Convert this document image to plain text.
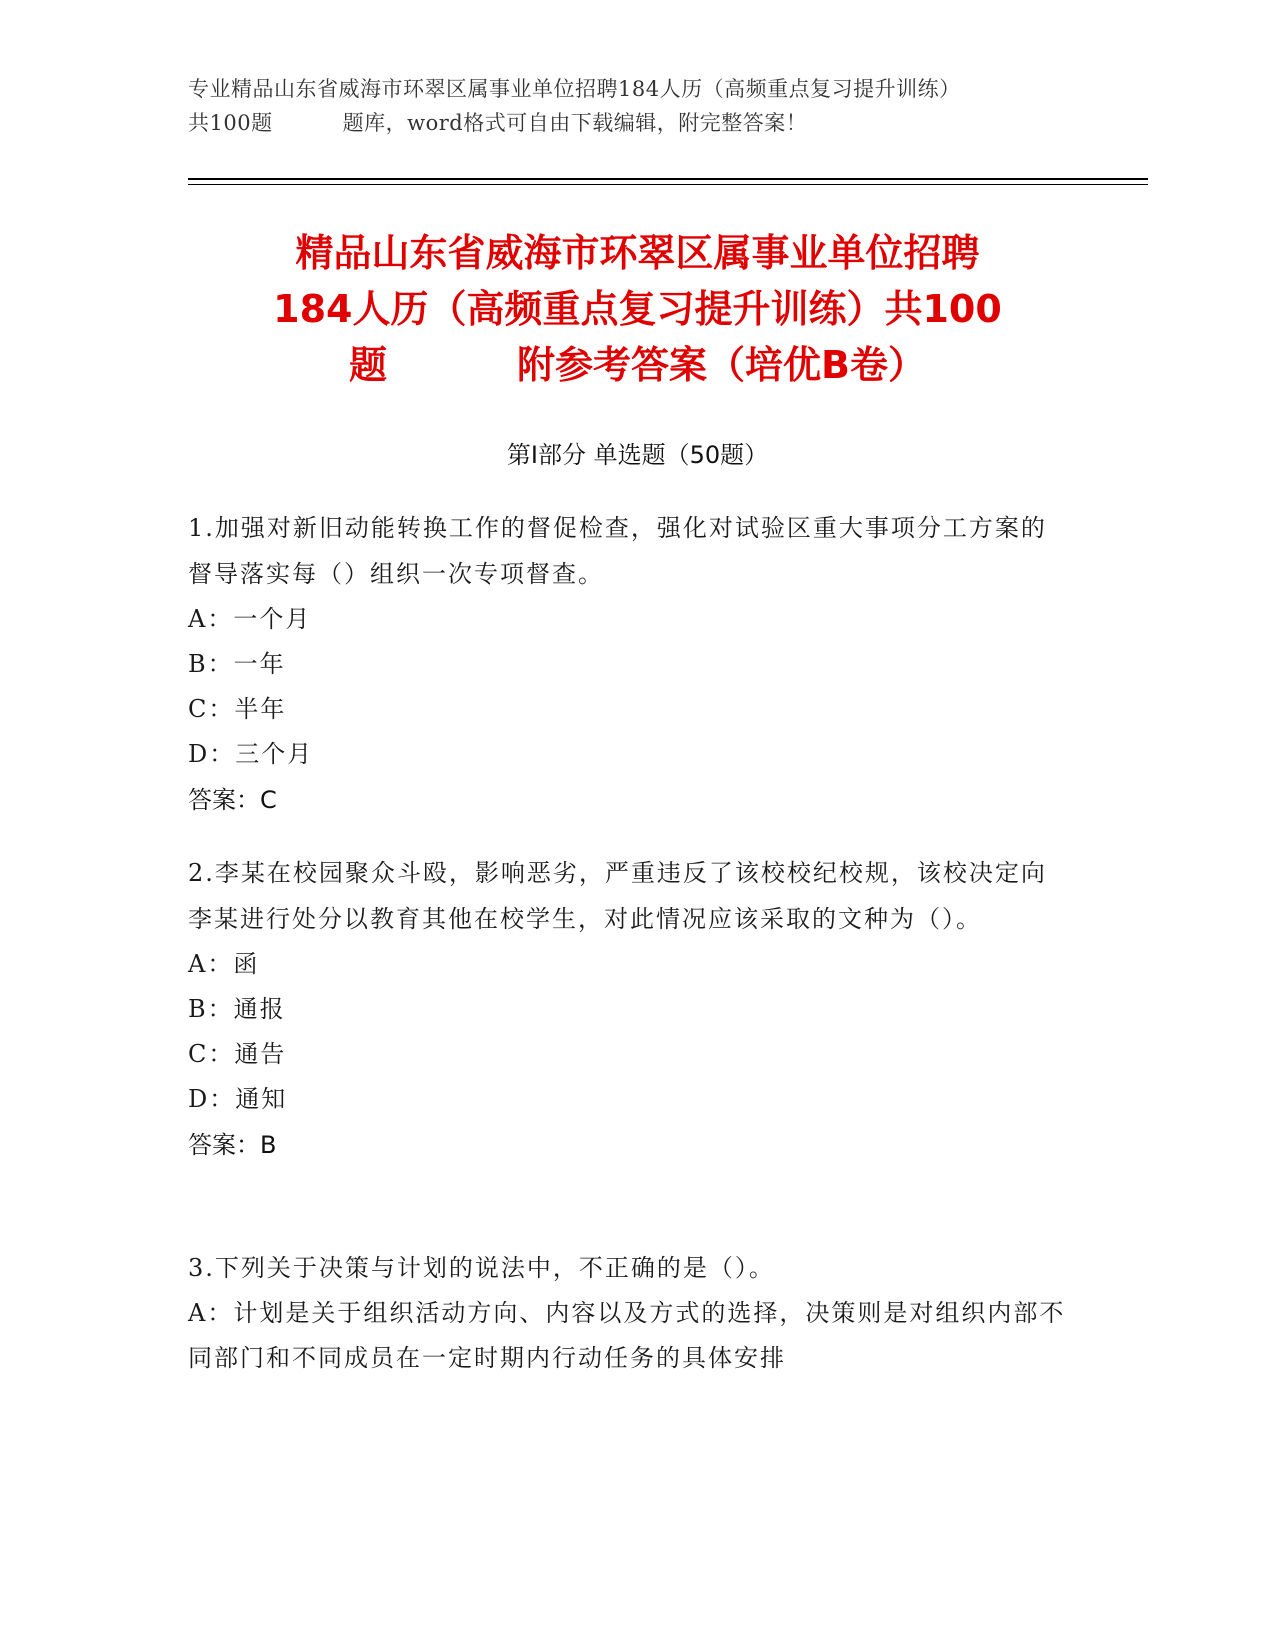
专业精品山东省威海市环翠区属事业单位招聘184人历（高频重点复习提升训练）
共100题	题库，word格式可自由下载编辑，附完整答案！
精品山东省威海市环翠区属事业单位招聘
184人历（高频重点复习提升训练）共100
题	附参考答案（培优B卷）
第Ⅰ部分 单选题（50题）
1.加强对新旧动能转换工作的督促检查，强化对试验区重大事项分工方案的督导落实每（）组织一次专项督查。
A：一个月
B：一年
C：半年
D：三个月
答案：C
2.李某在校园聚众斗殴，影响恶劣，严重违反了该校校纪校规，该校决定向李某进行处分以教育其他在校学生，对此情况应该采取的文种为（）。
A：函
B：通报
C：通告
D：通知
答案：B
3.下列关于决策与计划的说法中，不正确的是（）。
A：计划是关于组织活动方向、内容以及方式的选择，决策则是对组织内部不同部门和不同成员在一定时期内行动任务的具体安排
